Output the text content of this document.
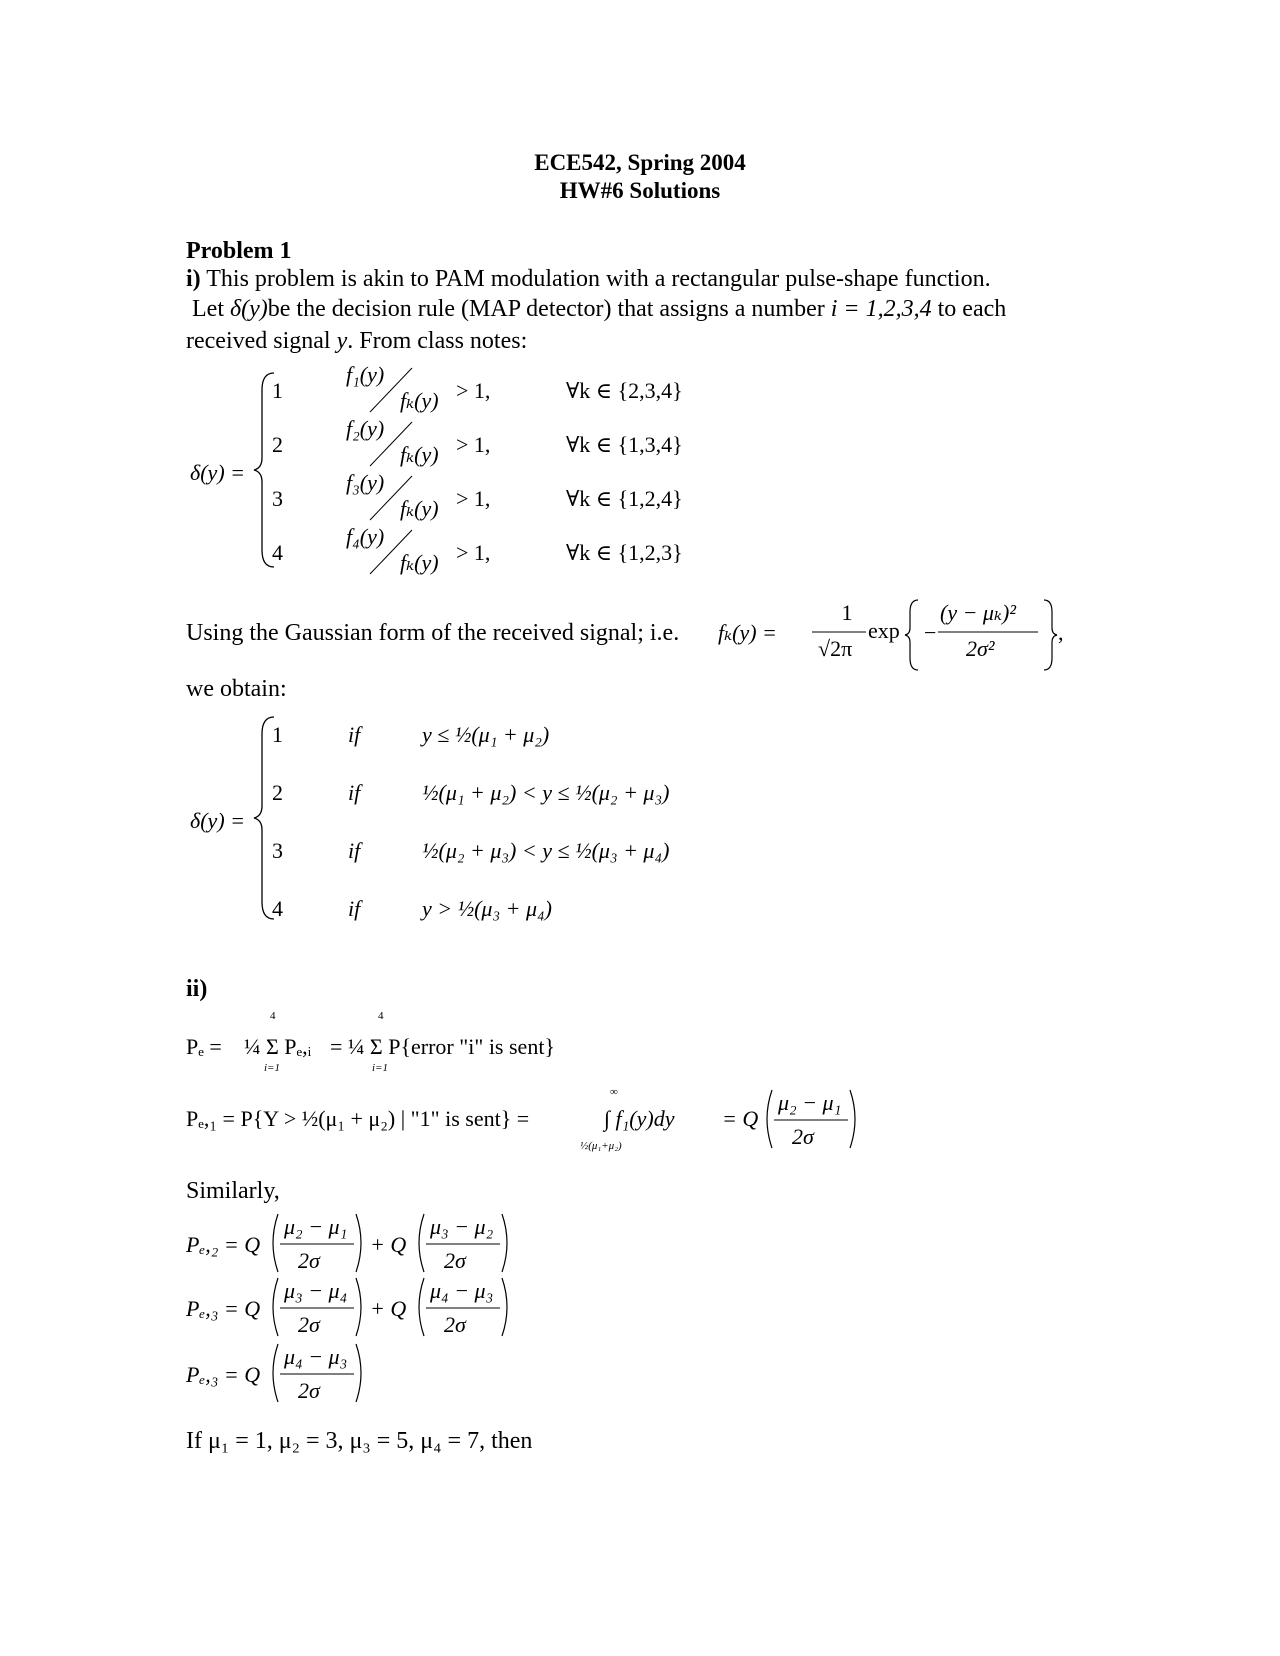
ECE542, Spring 2004
HW#6 Solutions
Problem 1
i) This problem is akin to PAM modulation with a rectangular pulse-shape function.
Let δ(y)be the decision rule (MAP detector) that assigns a number i = 1,2,3,4 to each
received signal y. From class notes:
δ(y) =
1
f₁(y)
fₖ(y) > 1,	∀k ∈ {2,3,4}
2
f₂(y)
fₖ(y) > 1,	∀k ∈ {1,3,4}
3
f₃(y)
fₖ(y) > 1,	∀k ∈ {1,2,4}
4
f₄(y)
fₖ(y) > 1,	∀k ∈ {1,2,3}
Using the Gaussian form of the received signal; i.e. fₖ(y) =
1
√2π
exp −
(y − μₖ)²
2σ²
,
we obtain:
δ(y) =
1	if	y ≤ ½(μ₁ + μ₂)
2	if	½(μ₁ + μ₂) < y ≤ ½(μ₂ + μ₃)
3	if	½(μ₂ + μ₃) < y ≤ ½(μ₃ + μ₄)
4	if	y > ½(μ₃ + μ₄)
ii)
Pₑ =
4
¼ Σ Pₑ,ᵢ
i=1
4
= ¼ Σ P{error "i" is sent}
i=1
Pₑ,₁ = P{Y > ½(μ₁ + μ₂) | "1" is sent} =
∞
∫ f₁(y)dy
½(μ₁+μ₂)
= Q
μ₂ − μ₁
2σ
Similarly,
Pₑ,₂ = Q
μ₂ − μ₁
2σ
+ Q
μ₃ − μ₂
2σ
Pₑ,₃ = Q
μ₃ − μ₄
2σ
+ Q
μ₄ − μ₃
2σ
Pₑ,₃ = Q
μ₄ − μ₃
2σ
If μ₁ = 1, μ₂ = 3, μ₃ = 5, μ₄ = 7, then
